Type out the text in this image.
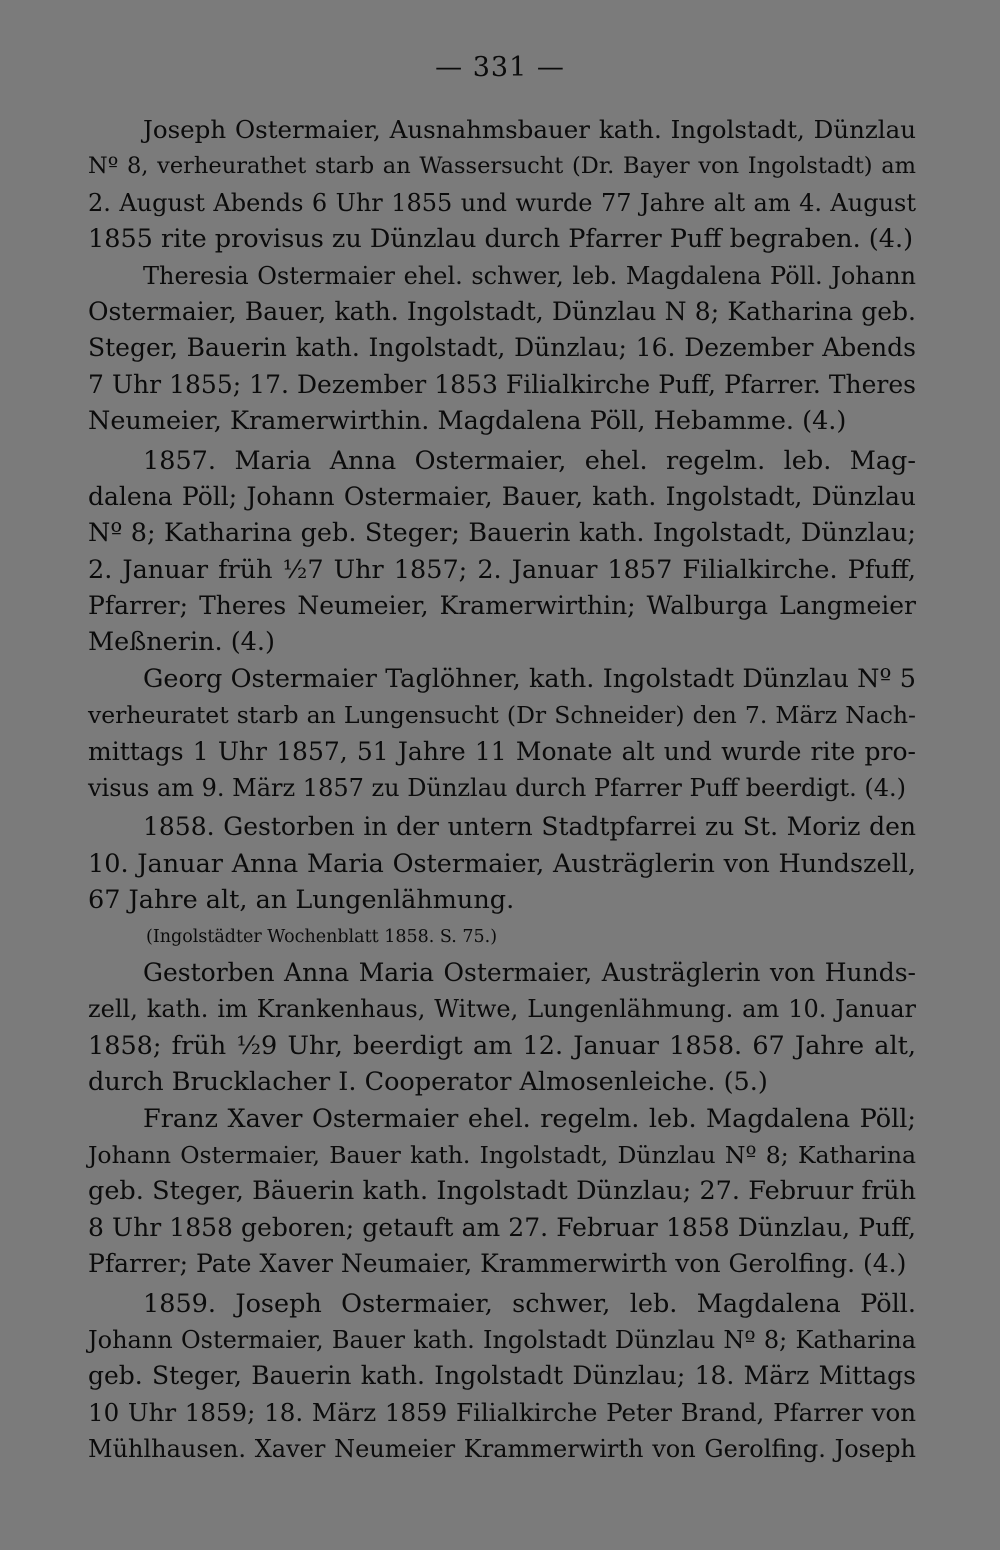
— 331 —
Joseph Ostermaier, Ausnahmsbauer kath. Ingolstadt, Dünzlau
Nº 8, verheurathet starb an Wassersucht (Dr. Bayer von Ingolstadt) am
2. August Abends 6 Uhr 1855 und wurde 77 Jahre alt am 4. August
1855 rite provisus zu Dünzlau durch Pfarrer Puff begraben. (4.)
Theresia Ostermaier ehel. schwer, leb. Magdalena Pöll. Johann
Ostermaier, Bauer, kath. Ingolstadt, Dünzlau N 8; Katharina geb.
Steger, Bauerin kath. Ingolstadt, Dünzlau; 16. Dezember Abends
7 Uhr 1855; 17. Dezember 1853 Filialkirche Puff, Pfarrer. Theres
Neumeier, Kramerwirthin. Magdalena Pöll, Hebamme. (4.)
1857. Maria Anna Ostermaier, ehel. regelm. leb. Mag-
dalena Pöll; Johann Ostermaier, Bauer, kath. Ingolstadt, Dünzlau
Nº 8; Katharina geb. Steger; Bauerin kath. Ingolstadt, Dünzlau;
2. Januar früh ½7 Uhr 1857; 2. Januar 1857 Filialkirche. Pfuff,
Pfarrer; Theres Neumeier, Kramerwirthin; Walburga Langmeier
Meßnerin. (4.)
Georg Ostermaier Taglöhner, kath. Ingolstadt Dünzlau Nº 5
verheuratet starb an Lungensucht (Dr Schneider) den 7. März Nach-
mittags 1 Uhr 1857, 51 Jahre 11 Monate alt und wurde rite pro-
visus am 9. März 1857 zu Dünzlau durch Pfarrer Puff beerdigt. (4.)
1858. Gestorben in der untern Stadtpfarrei zu St. Moriz den
10. Januar Anna Maria Ostermaier, Austräglerin von Hundszell,
67 Jahre alt, an Lungenlähmung.
(Ingolstädter Wochenblatt 1858. S. 75.)
Gestorben Anna Maria Ostermaier, Austräglerin von Hunds-
zell, kath. im Krankenhaus, Witwe, Lungenlähmung. am 10. Januar
1858; früh ½9 Uhr, beerdigt am 12. Januar 1858. 67 Jahre alt,
durch Brucklacher I. Cooperator Almosenleiche. (5.)
Franz Xaver Ostermaier ehel. regelm. leb. Magdalena Pöll;
Johann Ostermaier, Bauer kath. Ingolstadt, Dünzlau Nº 8; Katharina
geb. Steger, Bäuerin kath. Ingolstadt Dünzlau; 27. Februur früh
8 Uhr 1858 geboren; getauft am 27. Februar 1858 Dünzlau, Puff,
Pfarrer; Pate Xaver Neumaier, Krammerwirth von Gerolfing. (4.)
1859. Joseph Ostermaier, schwer, leb. Magdalena Pöll.
Johann Ostermaier, Bauer kath. Ingolstadt Dünzlau Nº 8; Katharina
geb. Steger, Bauerin kath. Ingolstadt Dünzlau; 18. März Mittags
10 Uhr 1859; 18. März 1859 Filialkirche Peter Brand, Pfarrer von
Mühlhausen. Xaver Neumeier Krammerwirth von Gerolfing. Joseph
